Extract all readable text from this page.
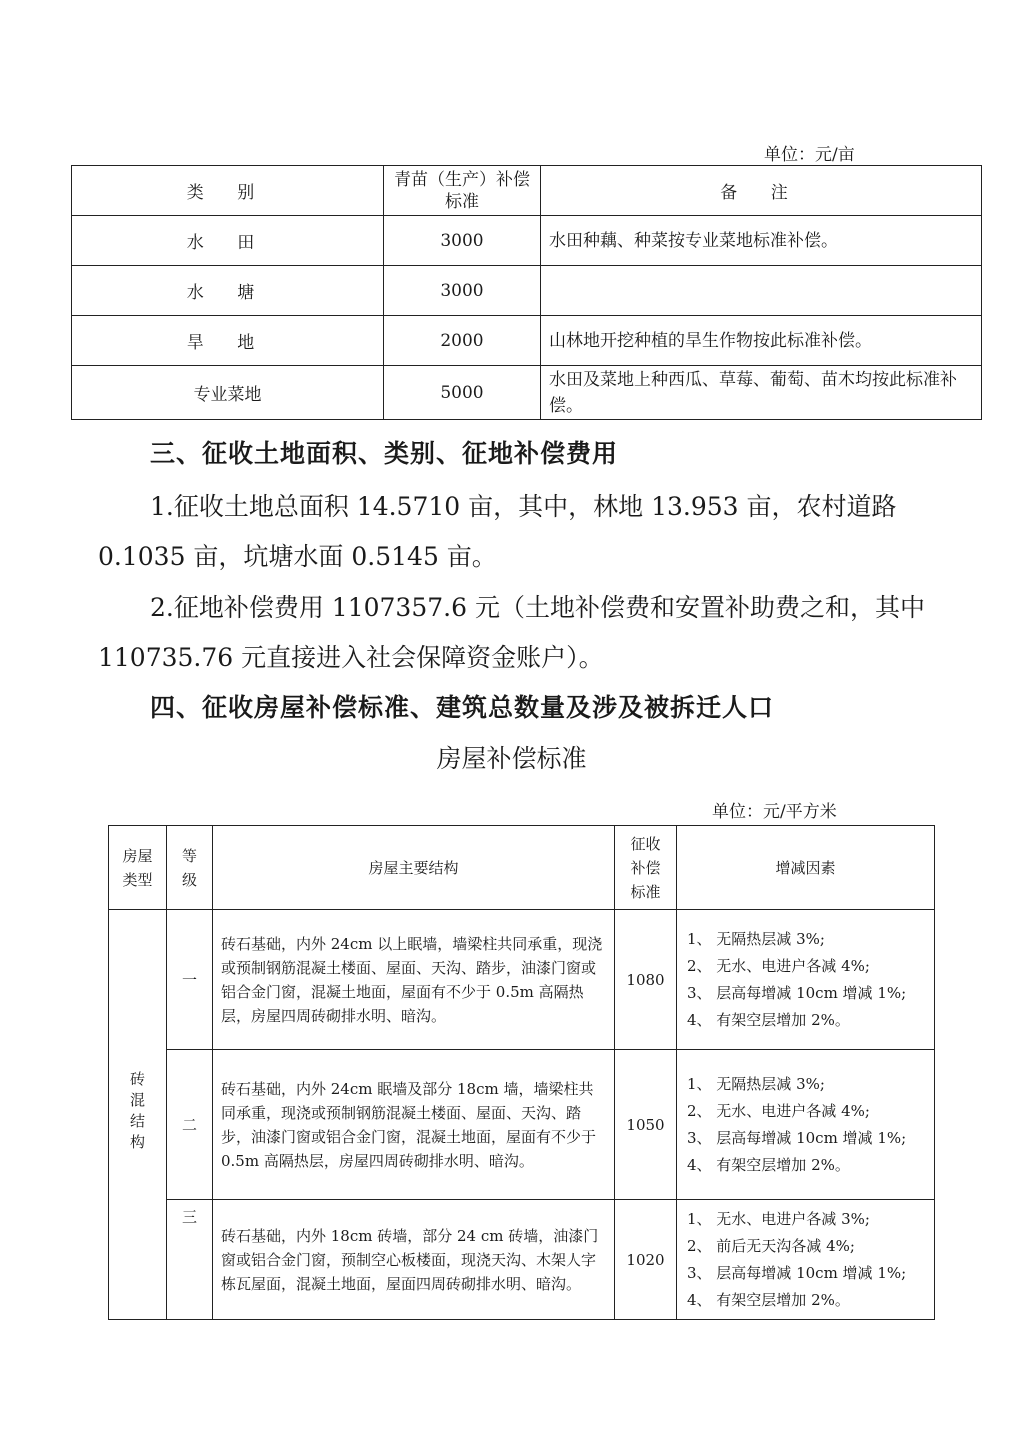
单位：元/亩
类 别	青苗（生产）补偿标准	备 注
水 田	3000	水田种藕、种菜按专业菜地标准补偿。
水 塘	3000	
旱 地	2000	山林地开挖种植的旱生作物按此标准补偿。
专业菜地	5000	水田及菜地上种西瓜、草莓、葡萄、苗木均按此标准补偿。
三、征收土地面积、类别、征地补偿费用
1.征收土地总面积 14.5710 亩，其中，林地 13.953 亩，农村道路 0.1035 亩，坑塘水面 0.5145 亩。
2.征地补偿费用 1107357.6 元（土地补偿费和安置补助费之和，其中 110735.76 元直接进入社会保障资金账户）。
四、征收房屋补偿标准、建筑总数量及涉及被拆迁人口
房屋补偿标准
单位：元/平方米
房屋类型	等级	房屋主要结构	征收补偿标准	增减因素
砖混结构	一	砖石基础，内外 24cm 以上眠墙，墙梁柱共同承重，现浇或预制钢筋混凝土楼面、屋面、天沟、踏步，油漆门窗或铝合金门窗，混凝土地面，屋面有不少于 0.5m 高隔热层，房屋四周砖砌排水明、暗沟。	1080	1、 无隔热层减 3%;
2、 无水、电进户各减 4%;
3、 层高每增减 10cm 增减 1%;
4、 有架空层增加 2%。

	二	砖石基础，内外 24cm 眠墙及部分 18cm 墙，墙梁柱共同承重，现浇或预制钢筋混凝土楼面、屋面、天沟、踏步，油漆门窗或铝合金门窗，混凝土地面，屋面有不少于 0.5m 高隔热层，房屋四周砖砌排水明、暗沟。	1050	1、 无隔热层减 3%;
2、 无水、电进户各减 4%;
3、 层高每增减 10cm 增减 1%;
4、 有架空层增加 2%。

	三	砖石基础，内外 18cm 砖墙，部分 24 cm 砖墙，油漆门窗或铝合金门窗，预制空心板楼面，现浇天沟、木架人字栋瓦屋面，混凝土地面，屋面四周砖砌排水明、暗沟。	1020	1、 无水、电进户各减 3%;
2、 前后无天沟各减 4%;
3、 层高每增减 10cm 增减 1%;
4、 有架空层增加 2%。
